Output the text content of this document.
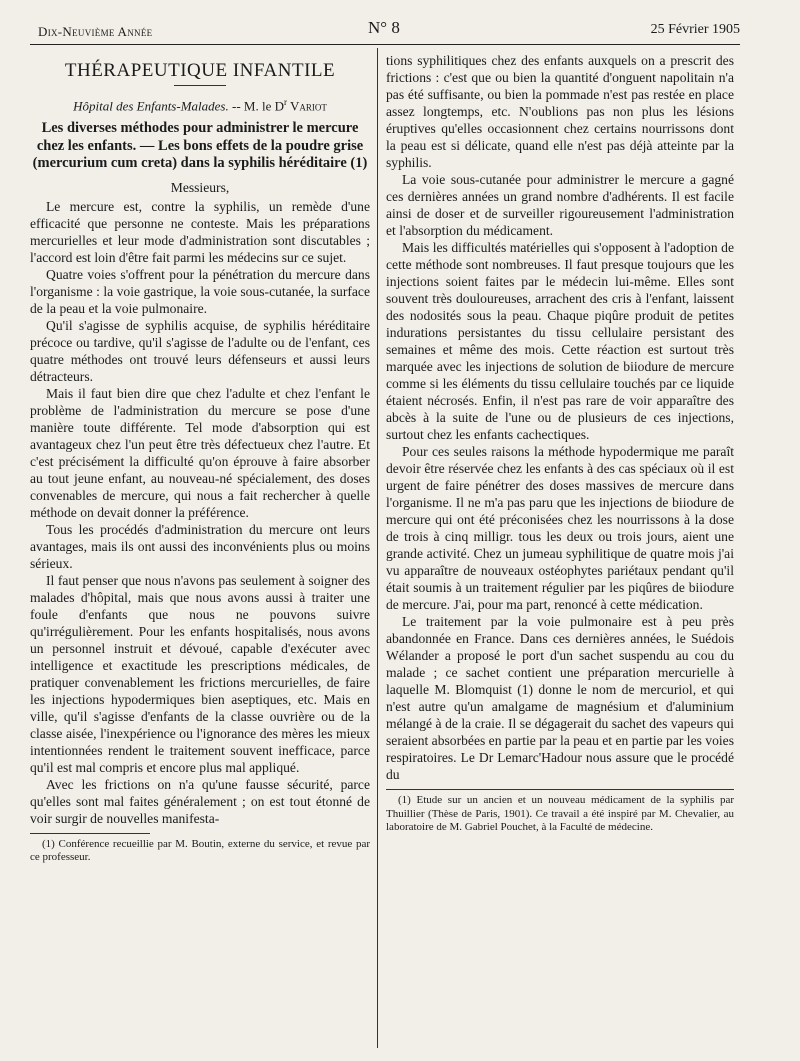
Dix-Neuvième Année	N° 8	25 Février 1905
THÉRAPEUTIQUE INFANTILE
Hôpital des Enfants-Malades. -- M. le $D^r$ Variot
Les diverses méthodes pour administrer le mercure chez les enfants. — Les bons effets de la poudre grise (mercurium cum creta) dans la syphilis héréditaire (1)
Messieurs,

Le mercure est, contre la syphilis, un remède d'une efficacité que personne ne conteste. Mais les préparations mercurielles et leur mode d'administration sont discutables ; l'accord est loin d'être fait parmi les médecins sur ce sujet.

Quatre voies s'offrent pour la pénétration du mercure dans l'organisme : la voie gastrique, la voie sous-cutanée, la surface de la peau et la voie pulmonaire.

Qu'il s'agisse de syphilis acquise, de syphilis héréditaire précoce ou tardive, qu'il s'agisse de l'adulte ou de l'enfant, ces quatre méthodes ont trouvé leurs défenseurs et aussi leurs détracteurs.

Mais il faut bien dire que chez l'adulte et chez l'enfant le problème de l'administration du mercure se pose d'une manière toute différente. Tel mode d'absorption qui est avantageux chez l'un peut être très défectueux chez l'autre. Et c'est précisément la difficulté qu'on éprouve à faire absorber au tout jeune enfant, au nouveau-né spécialement, des doses convenables de mercure, qui nous a fait rechercher à quelle méthode on devait donner la préférence.

Tous les procédés d'administration du mercure ont leurs avantages, mais ils ont aussi des inconvénients plus ou moins sérieux.

Il faut penser que nous n'avons pas seulement à soigner des malades d'hôpital, mais que nous avons aussi à traiter une foule d'enfants que nous ne pouvons suivre qu'irrégulièrement. Pour les enfants hospitalisés, nous avons un personnel instruit et dévoué, capable d'exécuter avec intelligence et exactitude les prescriptions médicales, de pratiquer convenablement les frictions mercurielles, de faire les injections hypodermiques bien aseptiques, etc. Mais en ville, qu'il s'agisse d'enfants de la classe ouvrière ou de la classe aisée, l'inexpérience ou l'ignorance des mères les mieux intentionnées rendent le traitement souvent inefficace, parce qu'il est mal compris et encore plus mal appliqué.

Avec les frictions on n'a qu'une fausse sécurité, parce qu'elles sont mal faites généralement ; on est tout étonné de voir surgir de nouvelles manifesta-

(1) Conférence recueillie par M. Boutin, externe du service, et revue par ce professeur.

tions syphilitiques chez des enfants auxquels on a prescrit des frictions : c'est que ou bien la quantité d'onguent napolitain n'a pas été suffisante, ou bien la pommade n'est pas restée en place assez longtemps, etc. N'oublions pas non plus les lésions éruptives qu'elles occasionnent chez certains nourrissons dont la peau est si délicate, quand elle n'est pas déjà atteinte par la syphilis.

La voie sous-cutanée pour administrer le mercure a gagné ces dernières années un grand nombre d'adhérents. Il est facile ainsi de doser et de surveiller rigoureusement l'administration et l'absorption du médicament.

Mais les difficultés matérielles qui s'opposent à l'adoption de cette méthode sont nombreuses. Il faut presque toujours que les injections soient faites par le médecin lui-même. Elles sont souvent très douloureuses, arrachent des cris à l'enfant, laissent des nodosités sous la peau. Chaque piqûre produit de petites indurations persistantes du tissu cellulaire persistant des semaines et même des mois. Cette réaction est surtout très marquée avec les injections de solution de biiodure de mercure comme si les éléments du tissu cellulaire touchés par ce liquide étaient nécrosés. Enfin, il n'est pas rare de voir apparaître des abcès à la suite de l'une ou de plusieurs de ces injections, surtout chez les enfants cachectiques.

Pour ces seules raisons la méthode hypodermique me paraît devoir être réservée chez les enfants à des cas spéciaux où il est urgent de faire pénétrer des doses massives de mercure dans l'organisme. Il ne m'a pas paru que les injections de biiodure de mercure qui ont été préconisées chez les nourrissons à la dose de trois à cinq milligr. tous les deux ou trois jours, aient une grande activité. Chez un jumeau syphilitique de quatre mois j'ai vu apparaître de nouveaux ostéophytes pariétaux pendant qu'il était soumis à un traitement régulier par les piqûres de biiodure de mercure. J'ai, pour ma part, renoncé à cette médication.

Le traitement par la voie pulmonaire est à peu près abandonnée en France. Dans ces dernières années, le Suédois Wélander a proposé le port d'un sachet suspendu au cou du malade ; ce sachet contient une préparation mercurielle à laquelle M. Blomquist (1) donne le nom de mercuriol, et qui n'est autre qu'un amalgame de magnésium et d'aluminium mélangé à de la craie. Il se dégagerait du sachet des vapeurs qui seraient absorbées en partie par la peau et en partie par les voies respiratoires. Le Dr Lemarc'Hadour nous assure que le procédé du

(1) Etude sur un ancien et un nouveau médicament de la syphilis par Thuillier (Thèse de Paris, 1901). Ce travail a été inspiré par M. Chevalier, au laboratoire de M. Gabriel Pouchet, à la Faculté de médecine.
